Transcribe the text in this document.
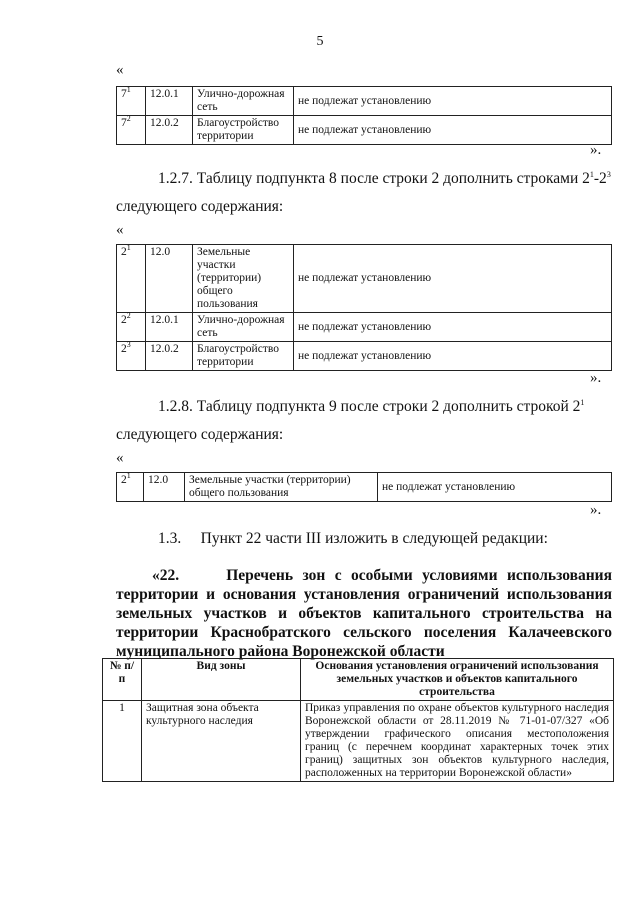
5
«
$7^1$	12.0.1	Улично-дорожная сеть	не подлежат установлению
$7^2$	12.0.2	Благоустройство территории	не подлежат установлению
».
1.2.7. Таблицу подпункта 8 после строки 2 дополнить строками $2^1-2^3$
следующего содержания:
«
$2^1$	12.0	Земельные участки (территории) общего пользования	не подлежат установлению
$2^2$	12.0.1	Улично-дорожная сеть	не подлежат установлению
$2^3$	12.0.2	Благоустройство территории	не подлежат установлению
».
1.2.8. Таблицу подпункта 9 после строки 2 дополнить строкой $2^1$
следующего содержания:
«
$2^1$	12.0	Земельные участки (территории) общего пользования	не подлежат установлению
».
1.3.     Пункт 22 части III изложить в следующей редакции:
«22.     Перечень зон с особыми условиями использования территории и основания установления ограничений использования земельных участков и объектов капитального строительства на территории Краснобратского сельского поселения Калачеевского муниципального района Воронежской области
№ п/п	Вид зоны	Основания установления ограничений использования земельных участков и объектов капитального строительства
1	Защитная зона объекта культурного наследия	Приказ управления по охране объектов культурного наследия Воронежской области от 28.11.2019 № 71-01-07/327 «Об утверждении графического описания местоположения границ (с перечнем координат характерных точек этих границ) защитных зон объектов культурного наследия, расположенных на территории Воронежской области»
